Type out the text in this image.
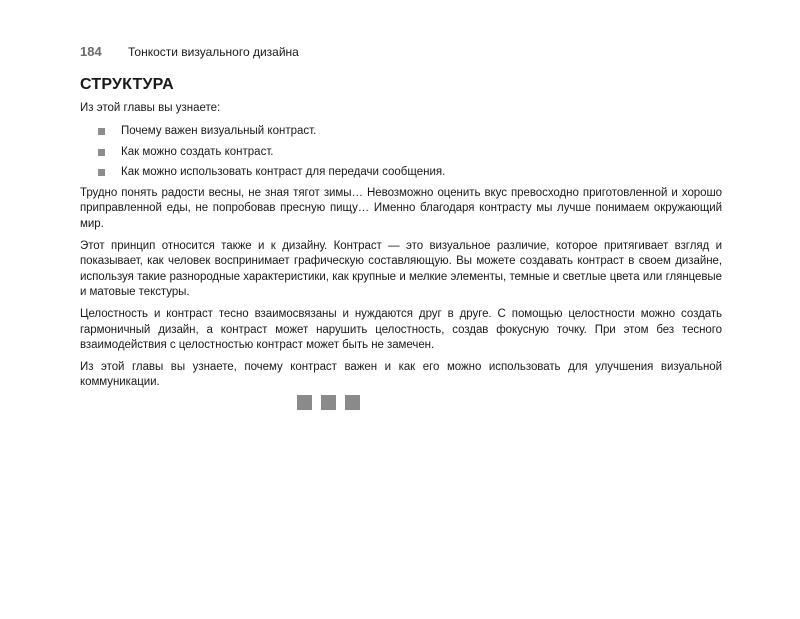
184	Тонкости визуального дизайна
СТРУКТУРА

Из этой главы вы узнаете:

Почему важен визуальный контраст.
Как можно создать контраст.
Как можно использовать контраст для передачи сообщения.

Трудно понять радости весны, не зная тягот зимы… Невозможно оценить вкус превосходно приготовленной и хорошо приправленной еды, не попробовав пресную пищу… Именно благодаря контрасту мы лучше понимаем окружающий мир.

Этот принцип относится также и к дизайну. Контраст — это визуальное различие, которое притягивает взгляд и показывает, как человек воспринимает графическую составляющую. Вы можете создавать контраст в своем дизайне, используя такие разнородные характеристики, как крупные и мелкие элементы, темные и светлые цвета или глянцевые и матовые текстуры.

Целостность и контраст тесно взаимосвязаны и нуждаются друг в друге. С помощью целостности можно создать гармоничный дизайн, а контраст может нарушить целостность, создав фокусную точку. При этом без тесного взаимодействия с целостностью контраст может быть не замечен.

Из этой главы вы узнаете, почему контраст важен и как его можно использовать для улучшения визуальной коммуникации.
